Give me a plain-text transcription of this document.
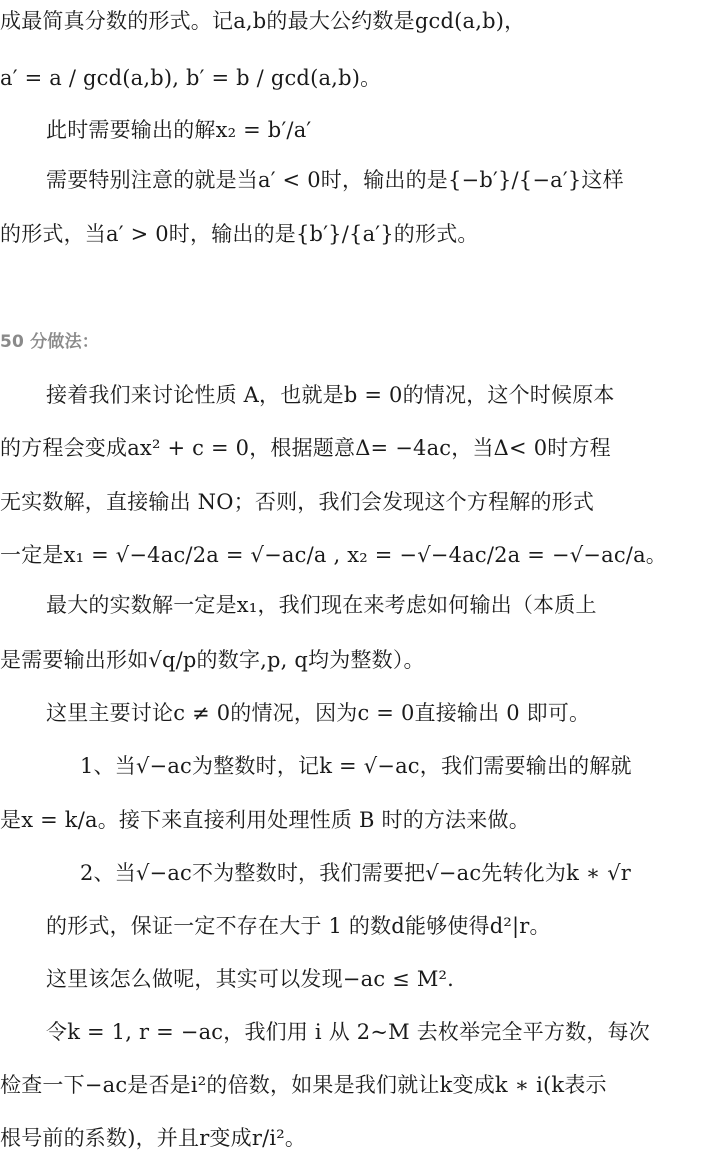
成最简真分数的形式。记a,b的最大公约数是gcd(a,b)，
a′ = a / gcd(a,b), b′ = b / gcd(a,b)。
此时需要输出的解x₂ = b′/a′
需要特别注意的就是当a′ < 0时，输出的是{−b′}/{−a′}这样
的形式，当a′ > 0时，输出的是{b′}/{a′}的形式。
50 分做法：
接着我们来讨论性质 A，也就是b = 0的情况，这个时候原本
的方程会变成ax² + c = 0，根据题意Δ= −4ac，当Δ< 0时方程
无实数解，直接输出 NO；否则，我们会发现这个方程解的形式
一定是x₁ = √−4ac/2a = √−ac/a , x₂ = −√−4ac/2a = −√−ac/a。
最大的实数解一定是x₁，我们现在来考虑如何输出（本质上
是需要输出形如√q/p的数字,p, q均为整数）。
这里主要讨论c ≠ 0的情况，因为c = 0直接输出 0 即可。
1、当√−ac为整数时，记k = √−ac，我们需要输出的解就
是x = k/a。接下来直接利用处理性质 B 时的方法来做。
2、当√−ac不为整数时，我们需要把√−ac先转化为k ∗ √r
的形式，保证一定不存在大于 1 的数d能够使得d²|r。
这里该怎么做呢，其实可以发现−ac ≤ M².
令k = 1, r = −ac，我们用 i 从 2~M 去枚举完全平方数，每次
检查一下−ac是否是i²的倍数，如果是我们就让k变成k ∗ i(k表示
根号前的系数)，并且r变成r/i²。
